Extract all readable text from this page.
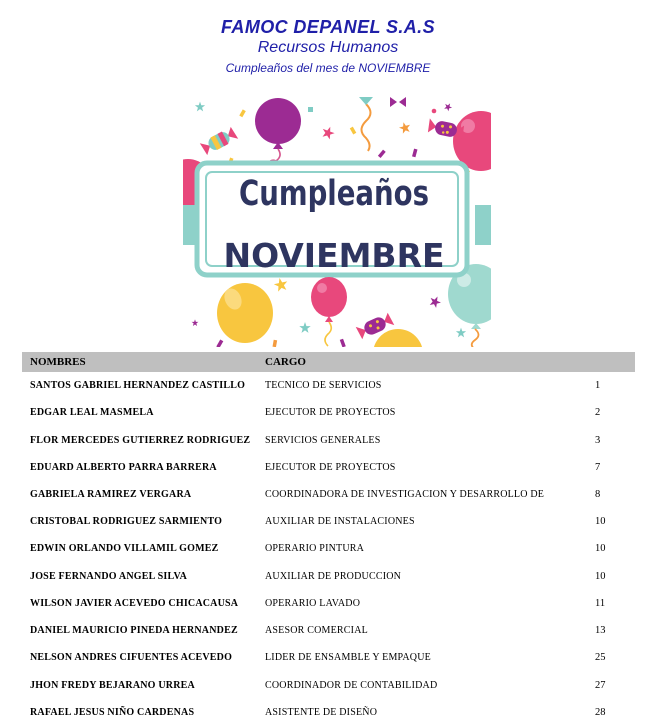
FAMOC DEPANEL S.A.S
Recursos Humanos
Cumpleaños del mes de NOVIEMBRE
Cumpleaños
NOVIEMBRE
NOMBRES	CARGO
SANTOS GABRIEL HERNANDEZ CASTILLO	TECNICO DE SERVICIOS	1
EDGAR LEAL MASMELA	EJECUTOR DE PROYECTOS	2
FLOR MERCEDES GUTIERREZ RODRIGUEZ	SERVICIOS GENERALES	3
EDUARD ALBERTO PARRA BARRERA	EJECUTOR DE PROYECTOS	7
GABRIELA RAMIREZ VERGARA	COORDINADORA DE INVESTIGACION Y DESARROLLO DE	8
CRISTOBAL RODRIGUEZ SARMIENTO	AUXILIAR DE INSTALACIONES	10
EDWIN ORLANDO VILLAMIL GOMEZ	OPERARIO PINTURA	10
JOSE FERNANDO ANGEL SILVA	AUXILIAR DE PRODUCCION	10
WILSON JAVIER ACEVEDO CHICACAUSA	OPERARIO LAVADO	11
DANIEL MAURICIO PINEDA HERNANDEZ	ASESOR COMERCIAL	13
NELSON ANDRES CIFUENTES ACEVEDO	LIDER DE ENSAMBLE Y EMPAQUE	25
JHON FREDY BEJARANO URREA	COORDINADOR DE CONTABILIDAD	27
RAFAEL JESUS NIÑO CARDENAS	ASISTENTE DE DISEÑO	28
